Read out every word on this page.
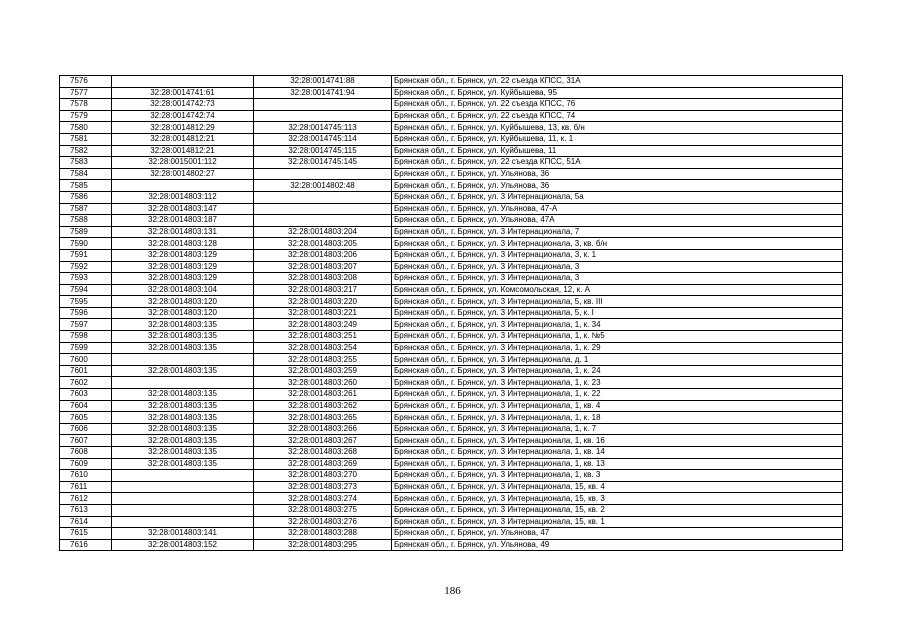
7576		32:28:0014741:88	Брянская обл., г. Брянск, ул. 22 съезда КПСС, 31А
7577	32:28:0014741:61	32:28:0014741:94	Брянская обл., г. Брянск, ул. Куйбышева, 95
7578	32:28:0014742:73		Брянская обл., г. Брянск, ул. 22 съезда КПСС, 76
7579	32:28:0014742:74		Брянская обл., г. Брянск, ул. 22 съезда КПСС, 74
7580	32:28:0014812:29	32:28:0014745:113	Брянская обл., г. Брянск, ул. Куйбышева, 13, кв. б/н
7581	32:28:0014812:21	32:28:0014745:114	Брянская обл., г. Брянск, ул. Куйбышева, 11, к. 1
7582	32:28:0014812:21	32:28:0014745:115	Брянская обл., г. Брянск, ул. Куйбышева, 11
7583	32:28:0015001:112	32:28:0014745:145	Брянская обл., г. Брянск, ул. 22 съезда КПСС, 51А
7584	32:28:0014802:27		Брянская обл., г. Брянск, ул. Ульянова, 36
7585		32:28:0014802:48	Брянская обл., г. Брянск, ул. Ульянова, 36
7586	32:28:0014803:112		Брянская обл., г. Брянск, ул. 3 Интернационала, 5а
7587	32:28:0014803:147		Брянская обл., г. Брянск, ул. Ульянова, 47-А
7588	32:28:0014803:187		Брянская обл., г. Брянск, ул. Ульянова, 47А
7589	32:28:0014803:131	32:28:0014803:204	Брянская обл., г. Брянск, ул. 3 Интернационала, 7
7590	32:28:0014803:128	32:28:0014803:205	Брянская обл., г. Брянск, ул. 3 Интернационала, 3, кв. б/н
7591	32:28:0014803:129	32:28:0014803:206	Брянская обл., г. Брянск, ул. 3 Интернационала, 3, к. 1
7592	32:28:0014803:129	32:28:0014803:207	Брянская обл., г. Брянск, ул. 3 Интернационала, 3
7593	32:28:0014803:129	32:28:0014803:208	Брянская обл., г. Брянск, ул. 3 Интернационала, 3
7594	32:28:0014803:104	32:28:0014803:217	Брянская обл., г. Брянск, ул. Комсомольская, 12, к. А
7595	32:28:0014803:120	32:28:0014803:220	Брянская обл., г. Брянск, ул. 3 Интернационала, 5, кв. III
7596	32:28:0014803:120	32:28:0014803:221	Брянская обл., г. Брянск, ул. 3 Интернационала, 5, к. I
7597	32:28:0014803:135	32:28:0014803:249	Брянская обл., г. Брянск, ул. 3 Интернационала, 1, к. 34
7598	32:28:0014803:135	32:28:0014803:251	Брянская обл., г. Брянск, ул. 3 Интернационала, 1, к. №5
7599	32:28:0014803:135	32:28:0014803:254	Брянская обл., г. Брянск, ул. 3 Интернационала, 1, к. 29
7600		32:28:0014803:255	Брянская обл., г. Брянск, ул. 3 Интернационала, д. 1
7601	32:28:0014803:135	32:28:0014803:259	Брянская обл., г. Брянск, ул. 3 Интернационала, 1, к. 24
7602		32:28:0014803:260	Брянская обл., г. Брянск, ул. 3 Интернационала, 1, к. 23
7603	32:28:0014803:135	32:28:0014803:261	Брянская обл., г. Брянск, ул. 3 Интернационала, 1, к. 22
7604	32:28:0014803:135	32:28:0014803:262	Брянская обл., г. Брянск, ул. 3 Интернационала, 1, кв. 4
7605	32:28:0014803:135	32:28:0014803:265	Брянская обл., г. Брянск, ул. 3 Интернационала, 1, к. 18
7606	32:28:0014803:135	32:28:0014803:266	Брянская обл., г. Брянск, ул. 3 Интернационала, 1, к. 7
7607	32:28:0014803:135	32:28:0014803:267	Брянская обл., г. Брянск, ул. 3 Интернационала, 1, кв. 16
7608	32:28:0014803:135	32:28:0014803:268	Брянская обл., г. Брянск, ул. 3 Интернационала, 1, кв. 14
7609	32:28:0014803:135	32:28:0014803:269	Брянская обл., г. Брянск, ул. 3 Интернационала, 1, кв. 13
7610		32:28:0014803:270	Брянская обл., г. Брянск, ул. 3 Интернационала, 1, кв. 3
7611		32:28:0014803:273	Брянская обл., г. Брянск, ул. 3 Интернационала, 15, кв. 4
7612		32:28:0014803:274	Брянская обл., г. Брянск, ул. 3 Интернационала, 15, кв. 3
7613		32:28:0014803:275	Брянская обл., г. Брянск, ул. 3 Интернационала, 15, кв. 2
7614		32:28:0014803:276	Брянская обл., г. Брянск, ул. 3 Интернационала, 15, кв. 1
7615	32:28:0014803:141	32:28:0014803:288	Брянская обл., г. Брянск, ул. Ульянова, 47
7616	32:28:0014803:152	32:28:0014803:295	Брянская обл., г. Брянск, ул. Ульянова, 49
186
